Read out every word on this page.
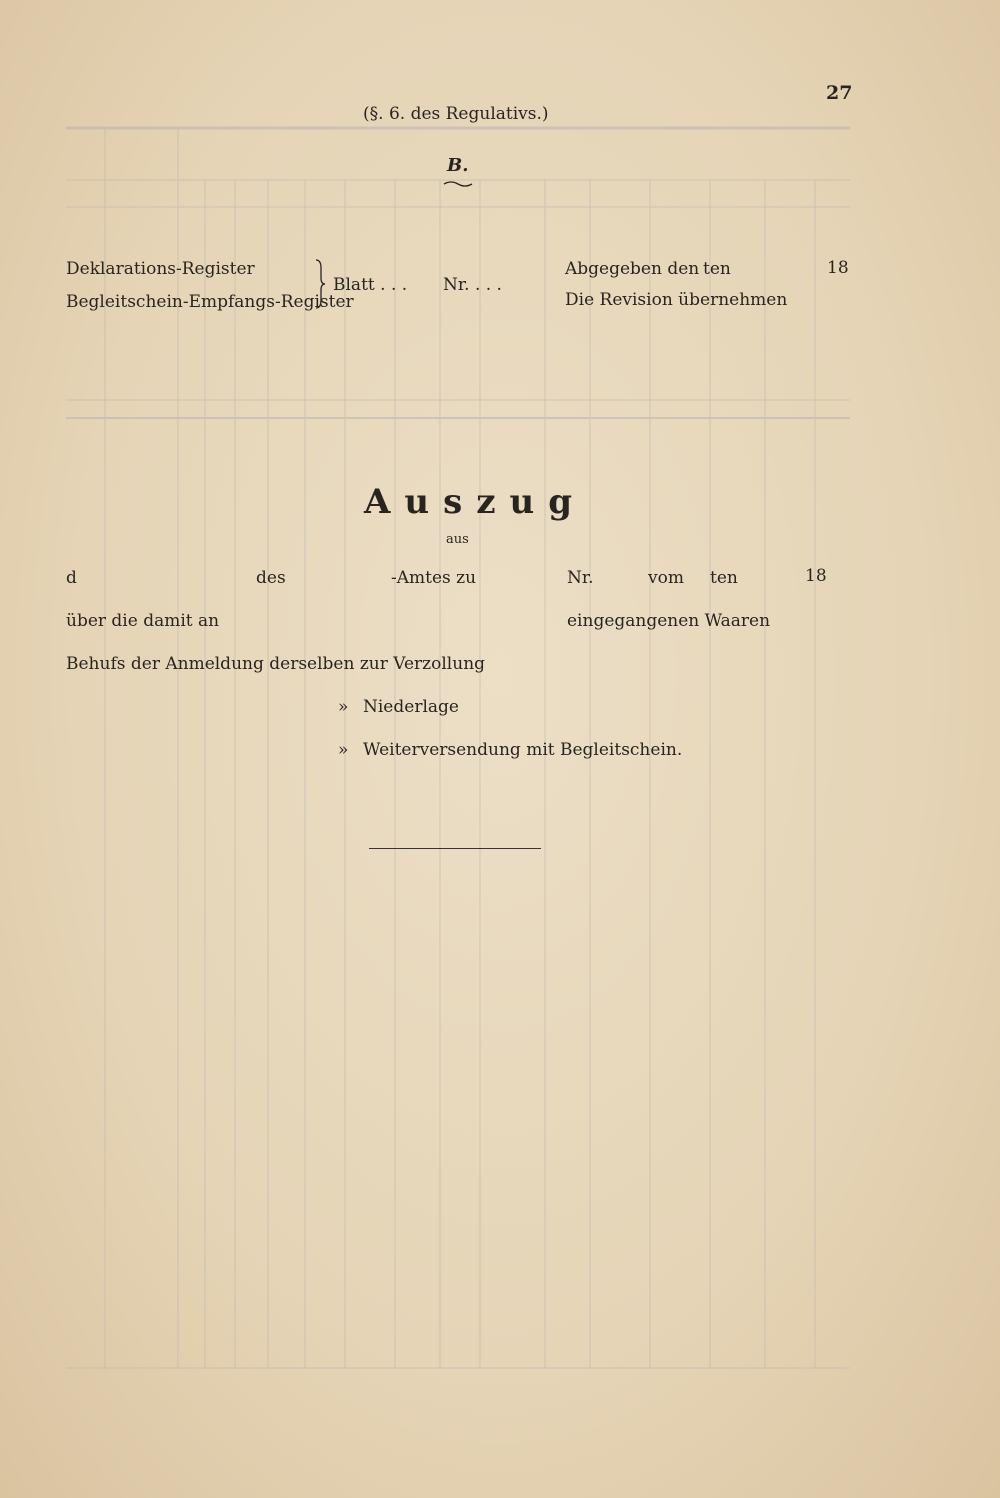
27
(§. 6. des Regulativs.)
B.
Deklarations-Register
Begleitschein-Empfangs-Register
Blatt . . . Nr. . . .
Abgegeben den ten	18
Die Revision übernehmen
Auszug
aus
d	des	-Amtes zu	Nr.	vom ten	18
über die damit an	eingegangenen Waaren
Behufs der Anmeldung derselben zur Verzollung
» Niederlage
» Weiterversendung mit Begleitschein.
